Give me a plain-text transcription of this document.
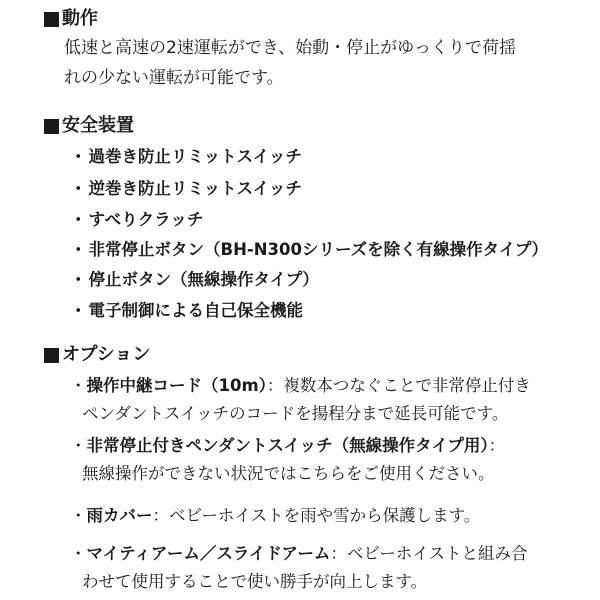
動作
低速と高速の2速運転ができ、始動・停止がゆっくりで荷揺
れの少ない運転が可能です。
安全装置
・ 過巻き防止リミットスイッチ
・ 逆巻き防止リミットスイッチ
・ すべりクラッチ
・ 非常停止ボタン（BH-N300シリーズを除く有線操作タイプ）
・ 停止ボタン（無線操作タイプ）
・ 電子制御による自己保全機能
オプション
・操作中継コード（10m）：複数本つなぐことで非常停止付き
ペンダントスイッチのコードを揚程分まで延長可能です。
・非常停止付きペンダントスイッチ（無線操作タイプ用）：
無線操作ができない状況ではこちらをご使用ください。
・雨カバー：ベビーホイストを雨や雪から保護します。
・マイティアーム／スライドアーム：ベビーホイストと組み合
わせて使用することで使い勝手が向上します。
